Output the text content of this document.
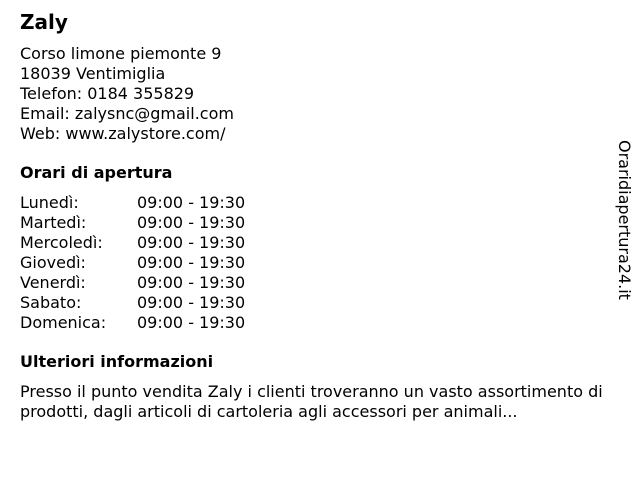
Zaly
Corso limone piemonte 9
18039 Ventimiglia
Telefon: 0184 355829
Email: zalysnc@gmail.com
Web: www.zalystore.com/
Orari di apertura
Lunedì:	09:00 - 19:30
Martedì:	09:00 - 19:30
Mercoledì:	09:00 - 19:30
Giovedì:	09:00 - 19:30
Venerdì:	09:00 - 19:30
Sabato:	09:00 - 19:30
Domenica:	09:00 - 19:30
Ulteriori informazioni

Presso il punto vendita Zaly i clienti troveranno un vasto assortimento di prodotti, dagli articoli di cartoleria agli accessori per animali...

Oraridiapertura24.it
